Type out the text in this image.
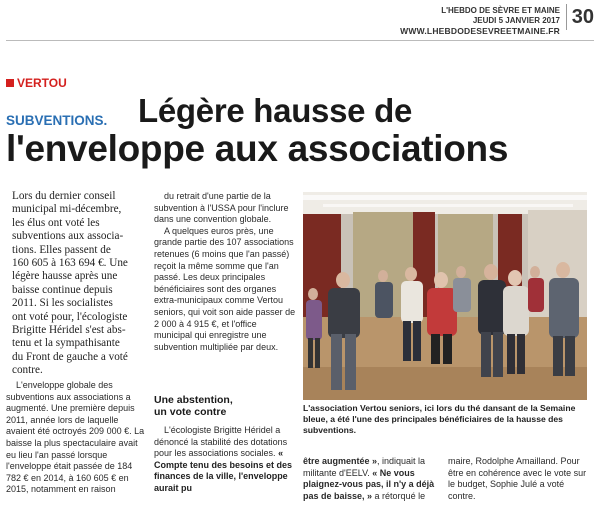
L'HEBDO DE SÈVRE ET MAINE
JEUDI 5 JANVIER 2017
WWW.LHEBDODESEVREETMAINE.FR
30
VERTOU
SUBVENTIONS. Légère hausse de
l'enveloppe aux associations
Lors du dernier conseil
municipal mi-décembre,
les élus ont voté les
subventions aux associa-
tions. Elles passent de
160 605 à 163 694 €. Une
légère hausse après une
baisse continue depuis
2011. Si les socialistes
ont voté pour, l'écologiste
Brigitte Héridel s'est abs-
tenu et la sympathisante
du Front de gauche a voté
contre.
L'enveloppe globale des subventions aux associations a augmenté. Une première depuis 2011, année lors de laquelle avaient été octroyés 209 000 €. La baisse la plus spectaculaire avait eu lieu l'an passé lorsque l'enveloppe était passée de 184 782 € en 2014, à 160 605 € en 2015, notamment en raison

du retrait d'une partie de la subvention à l'USSA pour l'inclure dans une convention globale.

A quelques euros près, une grande partie des 107 associations retenues (6 moins que l'an passé) reçoit la même somme que l'an passé. Les deux principales bénéficiaires sont des organes extra-municipaux comme Vertou seniors, qui voit son aide passer de 2 000 à 4 915 €, et l'office municipal qui enregistre une subvention multipliée par deux.

Une abstention,
un vote contre
L'écologiste Brigitte Héridel a dénoncé la stabilité des dotations pour les associations sociales. « Compte tenu des besoins et des finances de la ville, l'enveloppe aurait pu
L'association Vertou seniors, ici lors du thé dansant de la Semaine bleue, a été l'une des principales bénéficiaires de la hausse des subventions.
être augmentée », indiquait la militante d'EELV. « Ne vous plaignez-vous pas, il n'y a déjà pas de baisse, » a rétorqué le
maire, Rodolphe Amailland. Pour être en cohérence avec le vote sur le budget, Sophie Julé a voté contre.
